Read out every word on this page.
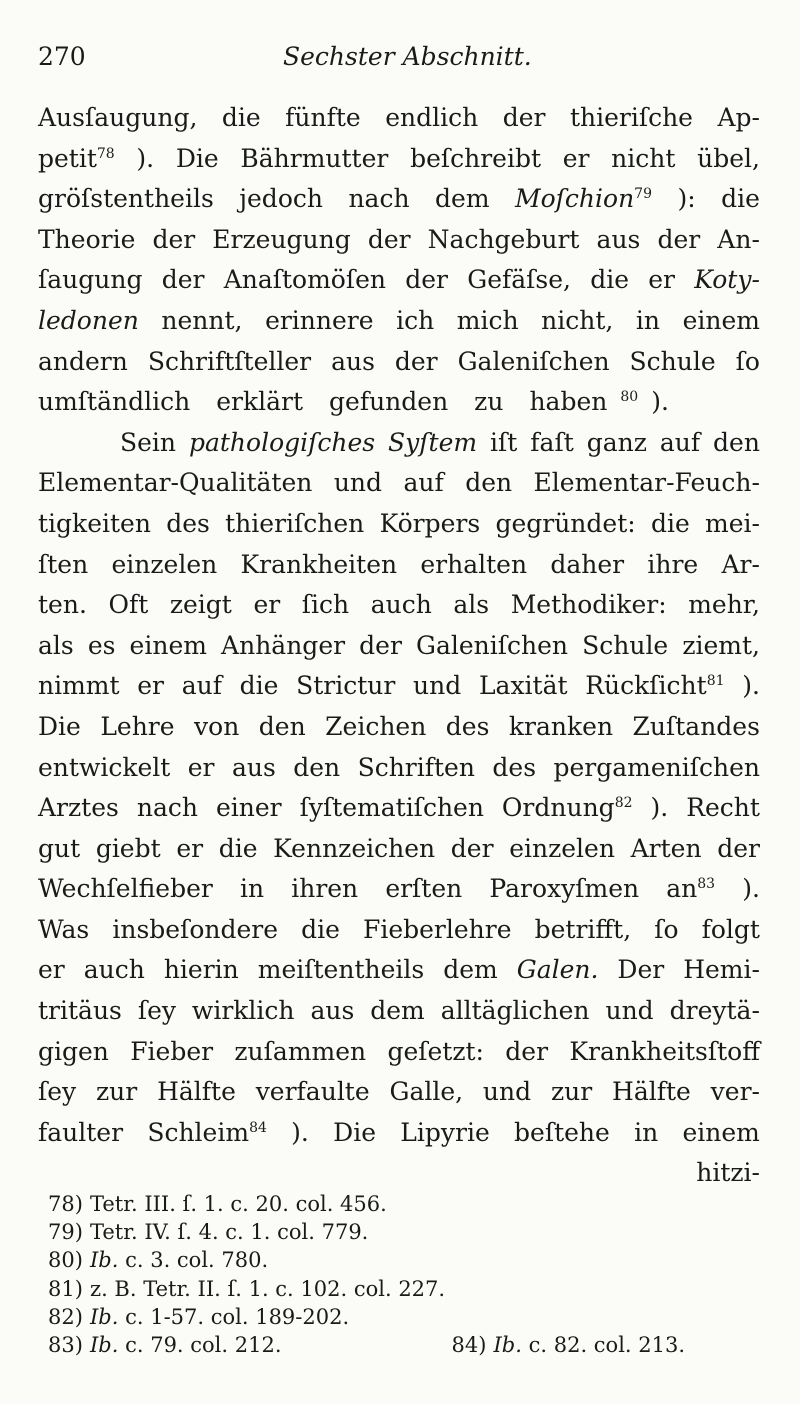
270	Sechster Abschnitt.
Ausſaugung, die fünfte endlich der thieriſche Ap-
petit$^{78}$ ). Die Bährmutter beſchreibt er nicht übel,
gröſstentheils jedoch nach dem Moſchion$^{79}$ ): die
Theorie der Erzeugung der Nachgeburt aus der An-
ſaugung der Anaſtomöſen der Gefäſse, die er Koty-
ledonen nennt, erinnere ich mich nicht, in einem
andern Schriftſteller aus der Galeniſchen Schule ſo
umſtändlich	erklärt	gefunden	zu	haben $^{80}$ ).
Sein pathologiſches Syſtem iſt faſt ganz auf den
Elementar-Qualitäten und auf den Elementar-Feuch-
tigkeiten des thieriſchen Körpers gegründet: die mei-
ſten einzelen Krankheiten erhalten daher ihre Ar-
ten. Oft zeigt er ſich auch als Methodiker: mehr,
als es einem Anhänger der Galeniſchen Schule ziemt,
nimmt er auf die Strictur und Laxität Rückſicht$^{81}$ ).
Die Lehre von den Zeichen des kranken Zuſtandes
entwickelt er aus den Schriften des pergameniſchen
Arztes nach einer ſyſtematiſchen Ordnung$^{82}$ ). Recht
gut giebt er die Kennzeichen der einzelen Arten der
Wechſelfieber in ihren erſten Paroxyſmen $an^{83}$ ).
Was insbeſondere die Fieberlehre betrifft, ſo folgt
er auch hierin meiſtentheils dem Galen. Der Hemi-
tritäus ſey wirklich aus dem alltäglichen und dreytä-
gigen Fieber zuſammen geſetzt: der Krankheitsſtoff
ſey zur Hälfte verfaulte Galle, und zur Hälfte ver-
faulter Schleim$^{84}$ ). Die Lipyrie beſtehe in einem
hitzi-
78) Tetr. III. ſ. 1. c. 20. col. 456.
79) Tetr. IV. ſ. 4. c. 1. col. 779.
80) Ib. c. 3. col. 780.
81) z. B. Tetr. II. ſ. 1. c. 102. col. 227.
82) Ib. c. 1-57. col. 189-202.
83) Ib. c. 79. col. 212.	84) Ib. c. 82. col. 213.
